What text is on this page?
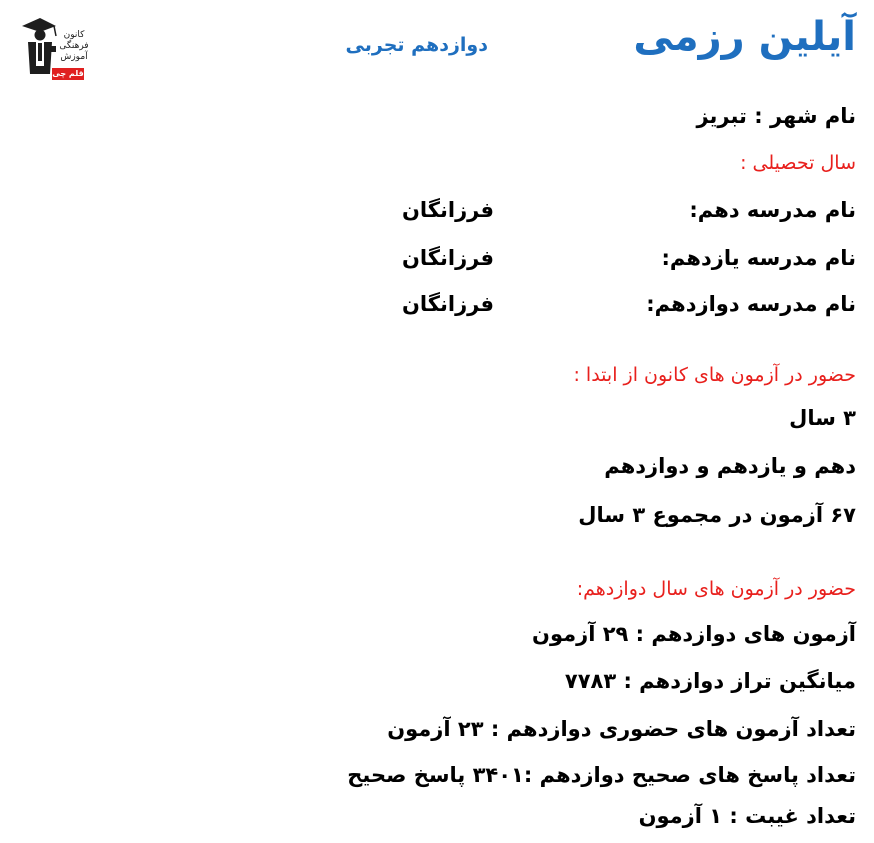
کانون
فرهنگی
آموزش
قلم چی
آیلین رزمی
دوازدهم تجربی
نام شهر : تبریز
سال تحصیلی :
نام مدرسه دهم:
فرزانگان
نام مدرسه یازدهم:
فرزانگان
نام مدرسه دوازدهم:
فرزانگان
حضور در آزمون های کانون از ابتدا :
۳ سال
دهم و یازدهم و دوازدهم
۶۷ آزمون در مجموع ۳ سال
حضور در آزمون های سال دوازدهم:
آزمون های دوازدهم : ۲۹ آزمون
میانگین تراز دوازدهم : ۷۷۸۳
تعداد آزمون های حضوری دوازدهم : ۲۳ آزمون
تعداد پاسخ های صحیح دوازدهم :۳۴۰۱ پاسخ صحیح
تعداد غیبت : ۱ آزمون
